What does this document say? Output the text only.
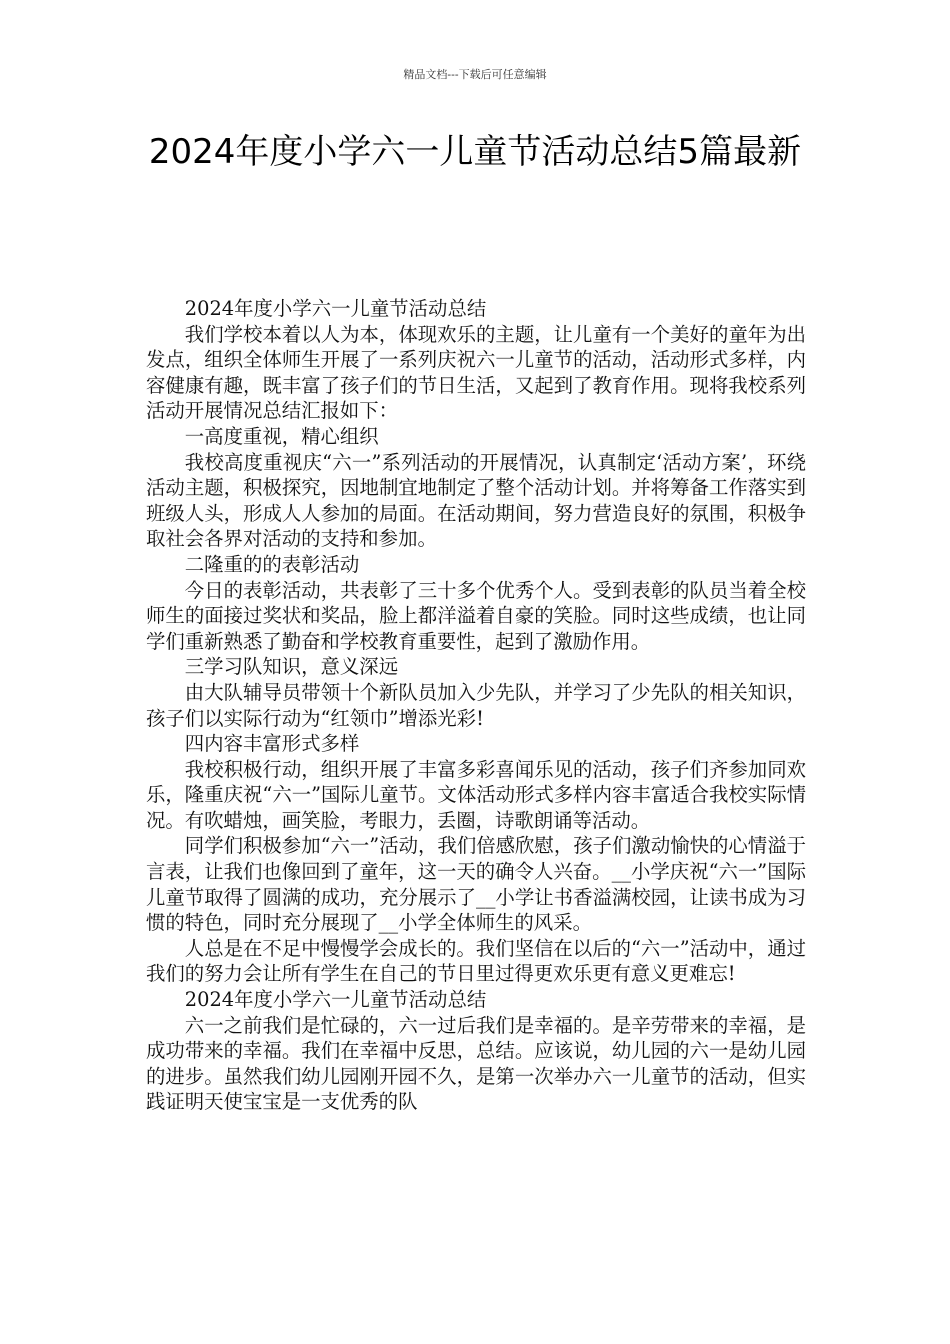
精品文档---下载后可任意编辑
2024年度小学六一儿童节活动总结5篇最新

2024年度小学六一儿童节活动总结

我们学校本着以人为本，体现欢乐的主题，让儿童有一个美好的童年为出发点，组织全体师生开展了一系列庆祝六一儿童节的活动，活动形式多样，内容健康有趣，既丰富了孩子们的节日生活，又起到了教育作用。现将我校系列活动开展情况总结汇报如下：

一高度重视，精心组织

我校高度重视庆“六一”系列活动的开展情况，认真制定‘活动方案’，环绕活动主题，积极探究，因地制宜地制定了整个活动计划。并将筹备工作落实到班级人头，形成人人参加的局面。在活动期间，努力营造良好的氛围，积极争取社会各界对活动的支持和参加。

二隆重的的表彰活动

今日的表彰活动，共表彰了三十多个优秀个人。受到表彰的队员当着全校师生的面接过奖状和奖品，脸上都洋溢着自豪的笑脸。同时这些成绩，也让同学们重新熟悉了勤奋和学校教育重要性，起到了激励作用。

三学习队知识，意义深远

由大队辅导员带领十个新队员加入少先队，并学习了少先队的相关知识，孩子们以实际行动为“红领巾”增添光彩!

四内容丰富形式多样

我校积极行动，组织开展了丰富多彩喜闻乐见的活动，孩子们齐参加同欢乐，隆重庆祝“六一”国际儿童节。文体活动形式多样内容丰富适合我校实际情况。有吹蜡烛，画笑脸，考眼力，丢圈，诗歌朗诵等活动。

同学们积极参加“六一”活动，我们倍感欣慰，孩子们激动愉快的心情溢于言表，让我们也像回到了童年，这一天的确令人兴奋。__小学庆祝“六一”国际儿童节取得了圆满的成功，充分展示了__小学让书香溢满校园，让读书成为习惯的特色，同时充分展现了__小学全体师生的风采。

人总是在不足中慢慢学会成长的。我们坚信在以后的“六一”活动中，通过我们的努力会让所有学生在自己的节日里过得更欢乐更有意义更难忘!

2024年度小学六一儿童节活动总结

六一之前我们是忙碌的，六一过后我们是幸福的。是辛劳带来的幸福，是成功带来的幸福。我们在幸福中反思，总结。应该说，幼儿园的六一是幼儿园的进步。虽然我们幼儿园刚开园不久，是第一次举办六一儿童节的活动，但实践证明天使宝宝是一支优秀的队
